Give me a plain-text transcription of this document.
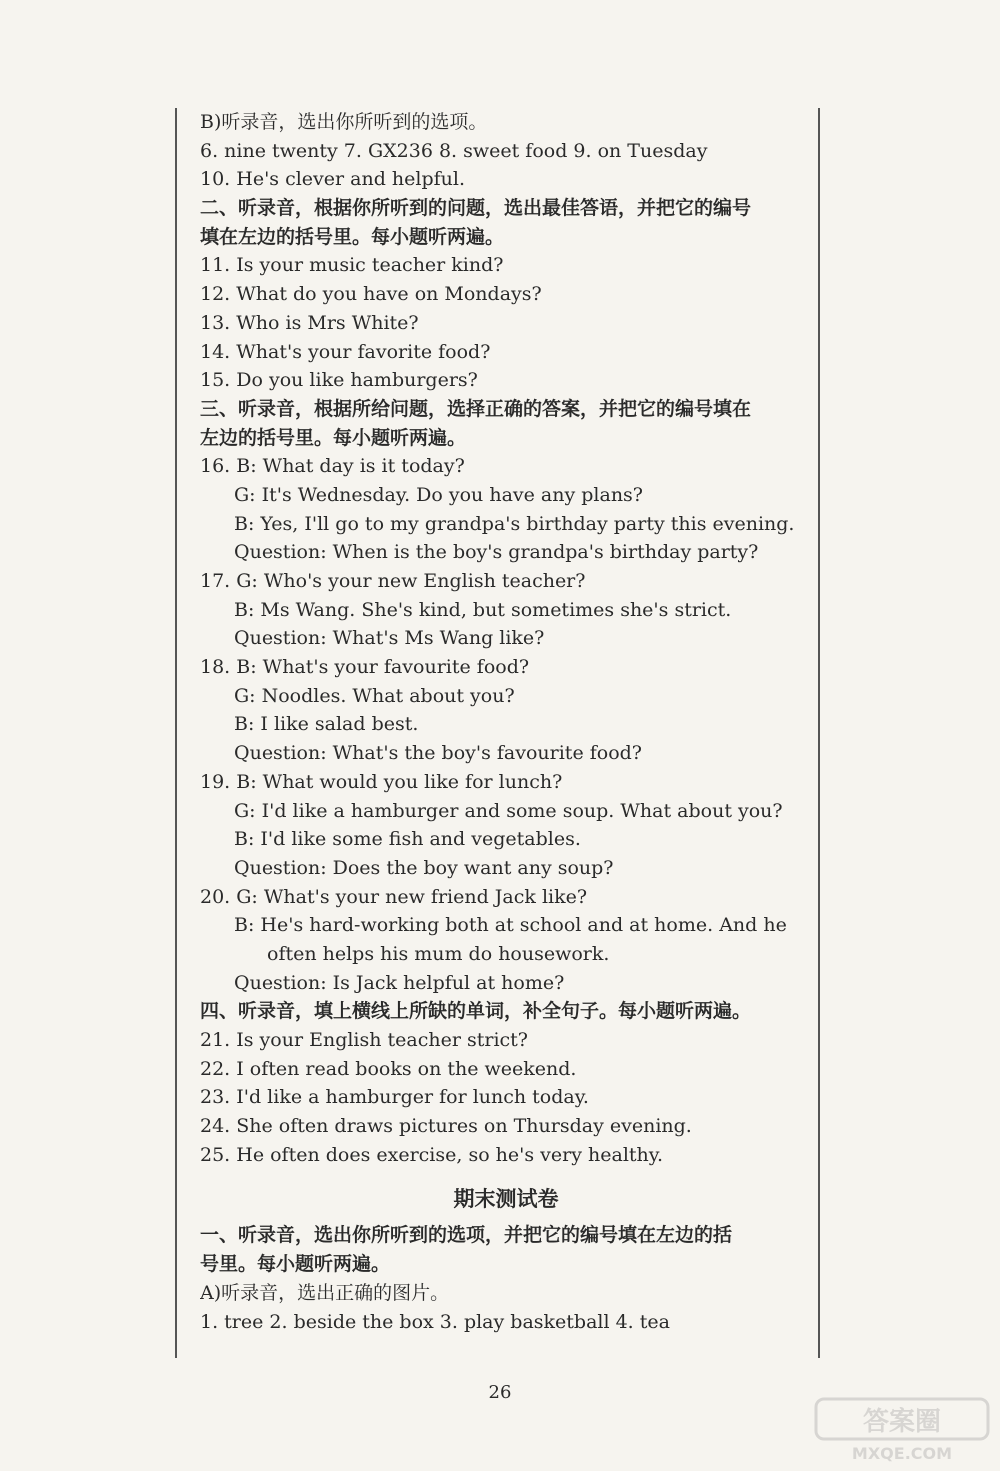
B)听录音，选出你所听到的选项。
6. nine twenty 7. GX236 8. sweet food 9. on Tuesday
10. He's clever and helpful.
二、听录音，根据你所听到的问题，选出最佳答语，并把它的编号
填在左边的括号里。每小题听两遍。
11. Is your music teacher kind?
12. What do you have on Mondays?
13. Who is Mrs White?
14. What's your favorite food?
15. Do you like hamburgers?
三、听录音，根据所给问题，选择正确的答案，并把它的编号填在
左边的括号里。每小题听两遍。
16. B: What day is it today?
G: It's Wednesday. Do you have any plans?
B: Yes, I'll go to my grandpa's birthday party this evening.
Question: When is the boy's grandpa's birthday party?
17. G: Who's your new English teacher?
B: Ms Wang. She's kind, but sometimes she's strict.
Question: What's Ms Wang like?
18. B: What's your favourite food?
G: Noodles. What about you?
B: I like salad best.
Question: What's the boy's favourite food?
19. B: What would you like for lunch?
G: I'd like a hamburger and some soup. What about you?
B: I'd like some fish and vegetables.
Question: Does the boy want any soup?
20. G: What's your new friend Jack like?
B: He's hard-working both at school and at home. And he
often helps his mum do housework.
Question: Is Jack helpful at home?
四、听录音，填上横线上所缺的单词，补全句子。每小题听两遍。
21. Is your English teacher strict?
22. I often read books on the weekend.
23. I'd like a hamburger for lunch today.
24. She often draws pictures on Thursday evening.
25. He often does exercise, so he's very healthy.
期末测试卷
一、听录音，选出你所听到的选项，并把它的编号填在左边的括
号里。每小题听两遍。
A)听录音，选出正确的图片。
1. tree 2. beside the box 3. play basketball 4. tea
26
答案圈
MXQE.COM
